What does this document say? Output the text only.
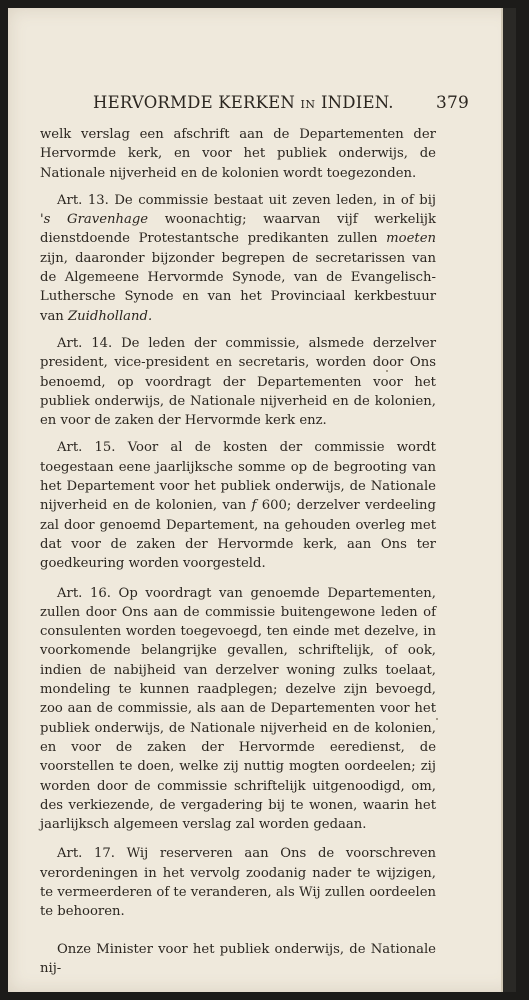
HERVORMDE KERKEN IN INDIEN. 379

welk verslag een afschrift aan de Departementen der Hervormde kerk, en voor het publiek onderwijs, de Nationale nijverheid en de kolonien wordt toegezonden.

Art. 13. De commissie bestaat uit zeven leden, in of bij 's Gravenhage woonachtig; waarvan vijf werkelijk dienstdoende Protestantsche predikanten zullen moeten zijn, daaronder bijzonder begrepen de secretarissen van de Algemeene Hervormde Synode, van de Evangelisch-Luthersche Synode en van het Provinciaal kerkbestuur van Zuidholland.

Art. 14. De leden der commissie, alsmede derzelver president, vice-president en secretaris, worden door Ons benoemd, op voordragt der Departementen voor het publiek onderwijs, de Nationale nijverheid en de kolonien, en voor de zaken der Hervormde kerk enz.

Art. 15. Voor al de kosten der commissie wordt toegestaan eene jaarlijksche somme op de begrooting van het Departement voor het publiek onderwijs, de Nationale nijverheid en de kolonien, van f 600; derzelver verdeeling zal door genoemd Departement, na gehouden overleg met dat voor de zaken der Hervormde kerk, aan Ons ter goedkeuring worden voorgesteld.

Art. 16. Op voordragt van genoemde Departementen, zullen door Ons aan de commissie buitengewone leden of consulenten worden toegevoegd, ten einde met dezelve, in voorkomende belangrijke gevallen, schriftelijk, of ook, indien de nabijheid van derzelver woning zulks toelaat, mondeling te kunnen raadplegen; dezelve zijn bevoegd, zoo aan de commissie, als aan de Departementen voor het publiek onderwijs, de Nationale nijverheid en de kolonien, en voor de zaken der Hervormde eeredienst, de voorstellen te doen, welke zij nuttig mogten oordeelen; zij worden door de commissie schriftelijk uitgenoodigd, om, des verkiezende, de vergadering bij te wonen, waarin het jaarlijksch algemeen verslag zal worden gedaan.

Art. 17. Wij reserveren aan Ons de voorschreven verordeningen in het vervolg zoodanig nader te wijzigen, te vermeerderen of te veranderen, als Wij zullen oordeelen te behooren.

Onze Minister voor het publiek onderwijs, de Nationale nij-
